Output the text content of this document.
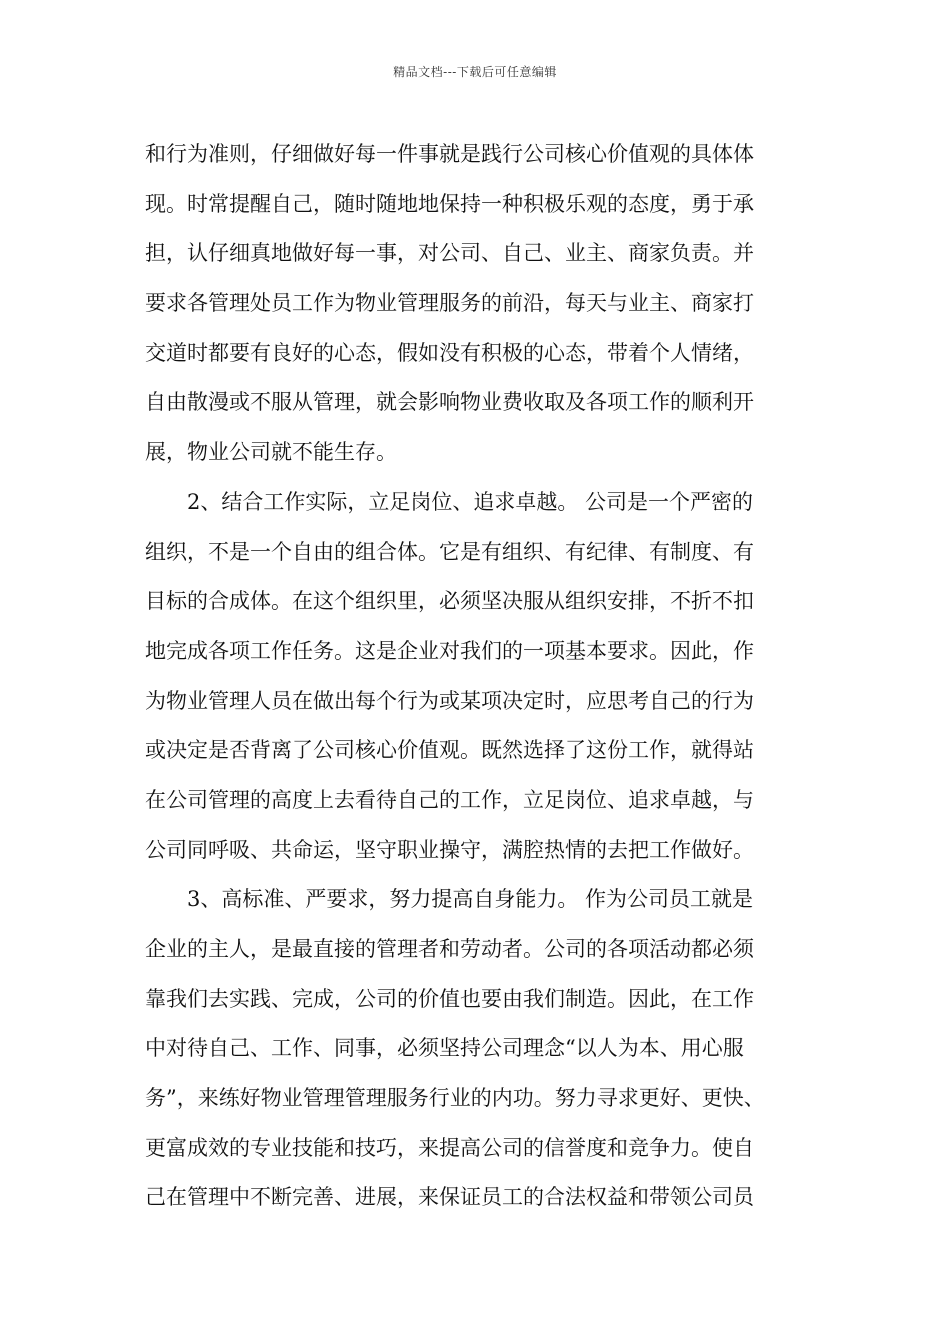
精品文档---下载后可任意编辑
和行为准则，仔细做好每一件事就是践行公司核心价值观的具体体
现。时常提醒自己，随时随地地保持一种积极乐观的态度，勇于承
担，认仔细真地做好每一事，对公司、自己、业主、商家负责。并
要求各管理处员工作为物业管理服务的前沿，每天与业主、商家打
交道时都要有良好的心态，假如没有积极的心态，带着个人情绪，
自由散漫或不服从管理，就会影响物业费收取及各项工作的顺利开
展，物业公司就不能生存。
2、结合工作实际，立足岗位、追求卓越。 公司是一个严密的
组织，不是一个自由的组合体。它是有组织、有纪律、有制度、有
目标的合成体。在这个组织里，必须坚决服从组织安排，不折不扣
地完成各项工作任务。这是企业对我们的一项基本要求。因此，作
为物业管理人员在做出每个行为或某项决定时，应思考自己的行为
或决定是否背离了公司核心价值观。既然选择了这份工作，就得站
在公司管理的高度上去看待自己的工作，立足岗位、追求卓越，与
公司同呼吸、共命运，坚守职业操守，满腔热情的去把工作做好。
3、高标准、严要求，努力提高自身能力。 作为公司员工就是
企业的主人，是最直接的管理者和劳动者。公司的各项活动都必须
靠我们去实践、完成，公司的价值也要由我们制造。因此，在工作
中对待自己、工作、同事，必须坚持公司理念“以人为本、用心服
务”，来练好物业管理管理服务行业的内功。努力寻求更好、更快、
更富成效的专业技能和技巧，来提高公司的信誉度和竞争力。使自
己在管理中不断完善、进展，来保证员工的合法权益和带领公司员
